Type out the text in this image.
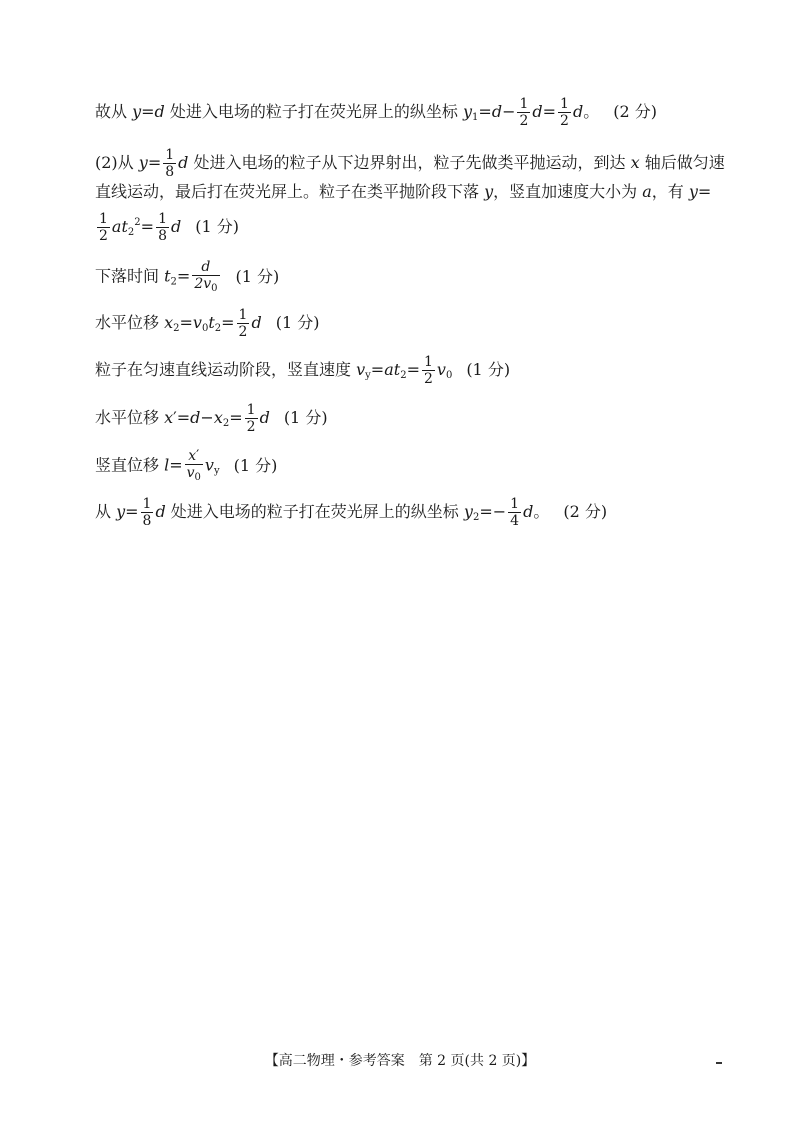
故从 y=d 处进入电场的粒子打在荧光屏上的纵坐标 $y_1=d- \frac{1}{2} d= \frac{1}{2}$ d。 (2 分)
(2)从 $y= \frac{1}{8}$ d 处进入电场的粒子从下边界射出，粒子先做类平抛运动，到达 x 轴后做匀速
直线运动，最后打在荧光屏上。粒子在类平抛阶段下落 y，竖直加速度大小为 a，有 y=
$\frac{1}{2} at_2^2= \frac{1}{8}$ d (1 分)
下落时间 $t_2= \frac{d}{2v_0} (1$ 分)
水平位移 $x_2=v_0t_2= \frac{1}{2}$ d (1 分)
粒子在匀速直线运动阶段，竖直速度 $v_y=at_2= \frac{1}{2} v_0$ (1 分)
水平位移 $x'=d-x_2= \frac{1}{2}$ d (1 分)
竖直位移 $l= \frac{x'}{v_0} v_y$ (1 分)
从 $y= \frac{1}{8}$ d 处进入电场的粒子打在荧光屏上的纵坐标 $y_2=- \frac{1}{4}$ d。 (2 分)
【高二物理・参考答案　第 2 页(共 2 页)】
